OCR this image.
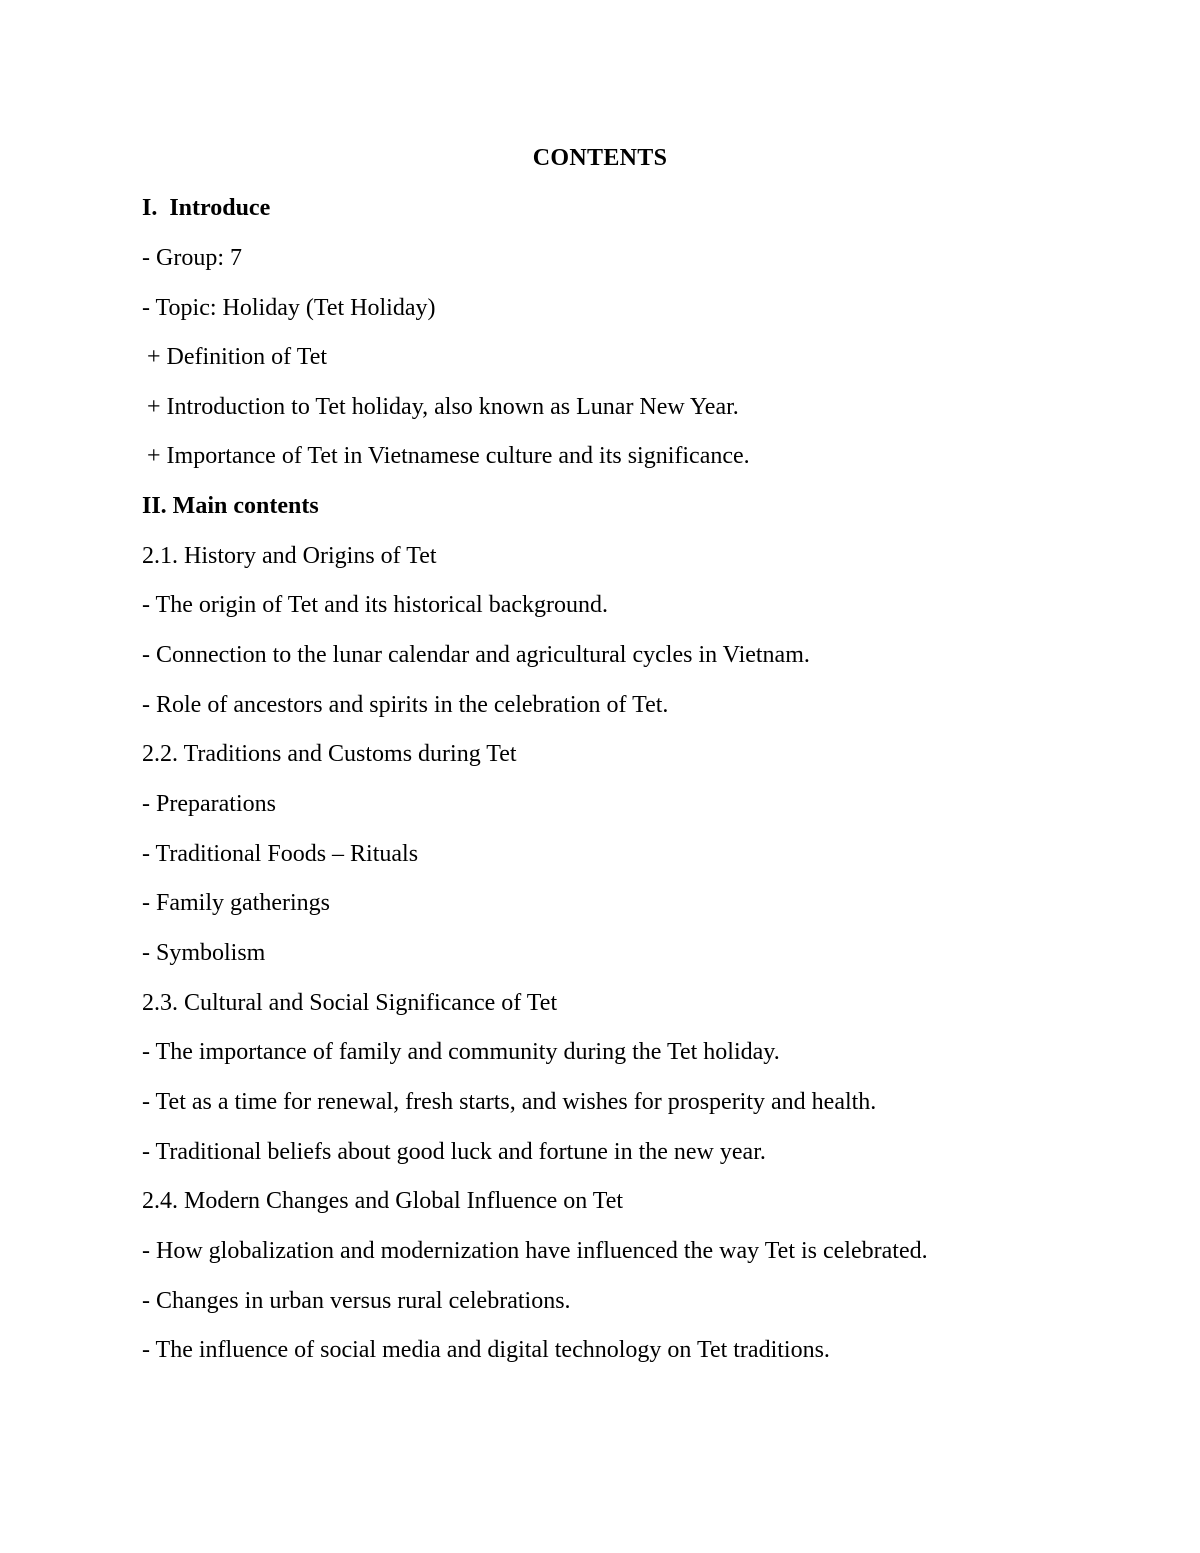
CONTENTS
I.  Introduce
- Group: 7
- Topic: Holiday (Tet Holiday)
+ Definition of Tet
+ Introduction to Tet holiday, also known as Lunar New Year.
+ Importance of Tet in Vietnamese culture and its significance.
II. Main contents
2.1. History and Origins of Tet
- The origin of Tet and its historical background.
- Connection to the lunar calendar and agricultural cycles in Vietnam.
- Role of ancestors and spirits in the celebration of Tet.
2.2. Traditions and Customs during Tet
- Preparations
- Traditional Foods – Rituals
- Family gatherings
- Symbolism
2.3. Cultural and Social Significance of Tet
- The importance of family and community during the Tet holiday.
- Tet as a time for renewal, fresh starts, and wishes for prosperity and health.
- Traditional beliefs about good luck and fortune in the new year.
2.4. Modern Changes and Global Influence on Tet
- How globalization and modernization have influenced the way Tet is celebrated.
- Changes in urban versus rural celebrations.
- The influence of social media and digital technology on Tet traditions.
